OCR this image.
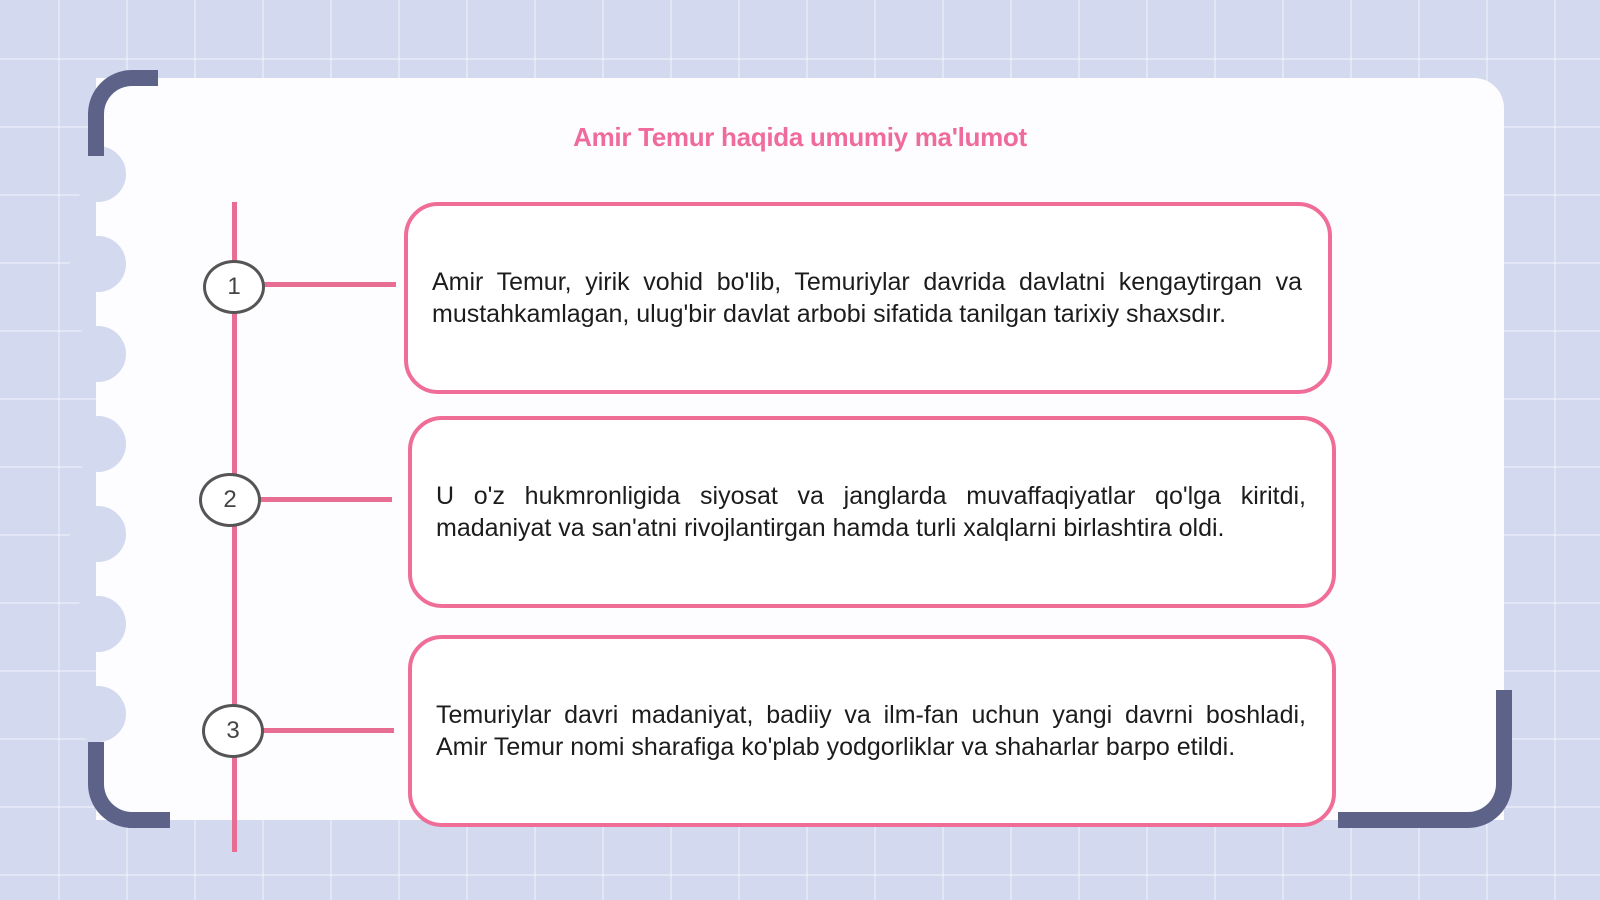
Amir Temur haqida umumiy ma'lumot
1
2
3

Amir Temur, yirik vohid bo'lib, Temuriylar davrida davlatni kengaytirgan va mustahkamlagan, ulug'bir davlat arbobi sifatida tanilgan tarixiy shaxsdır.

U o'z hukmronligida siyosat va janglarda muvaffaqiyatlar qo'lga kiritdi, madaniyat va san'atni rivojlantirgan hamda turli xalqlarni birlashtira oldi.

Temuriylar davri madaniyat, badiiy va ilm-fan uchun yangi davrni boshladi, Amir Temur nomi sharafiga ko'plab yodgorliklar va shaharlar barpo etildi.
